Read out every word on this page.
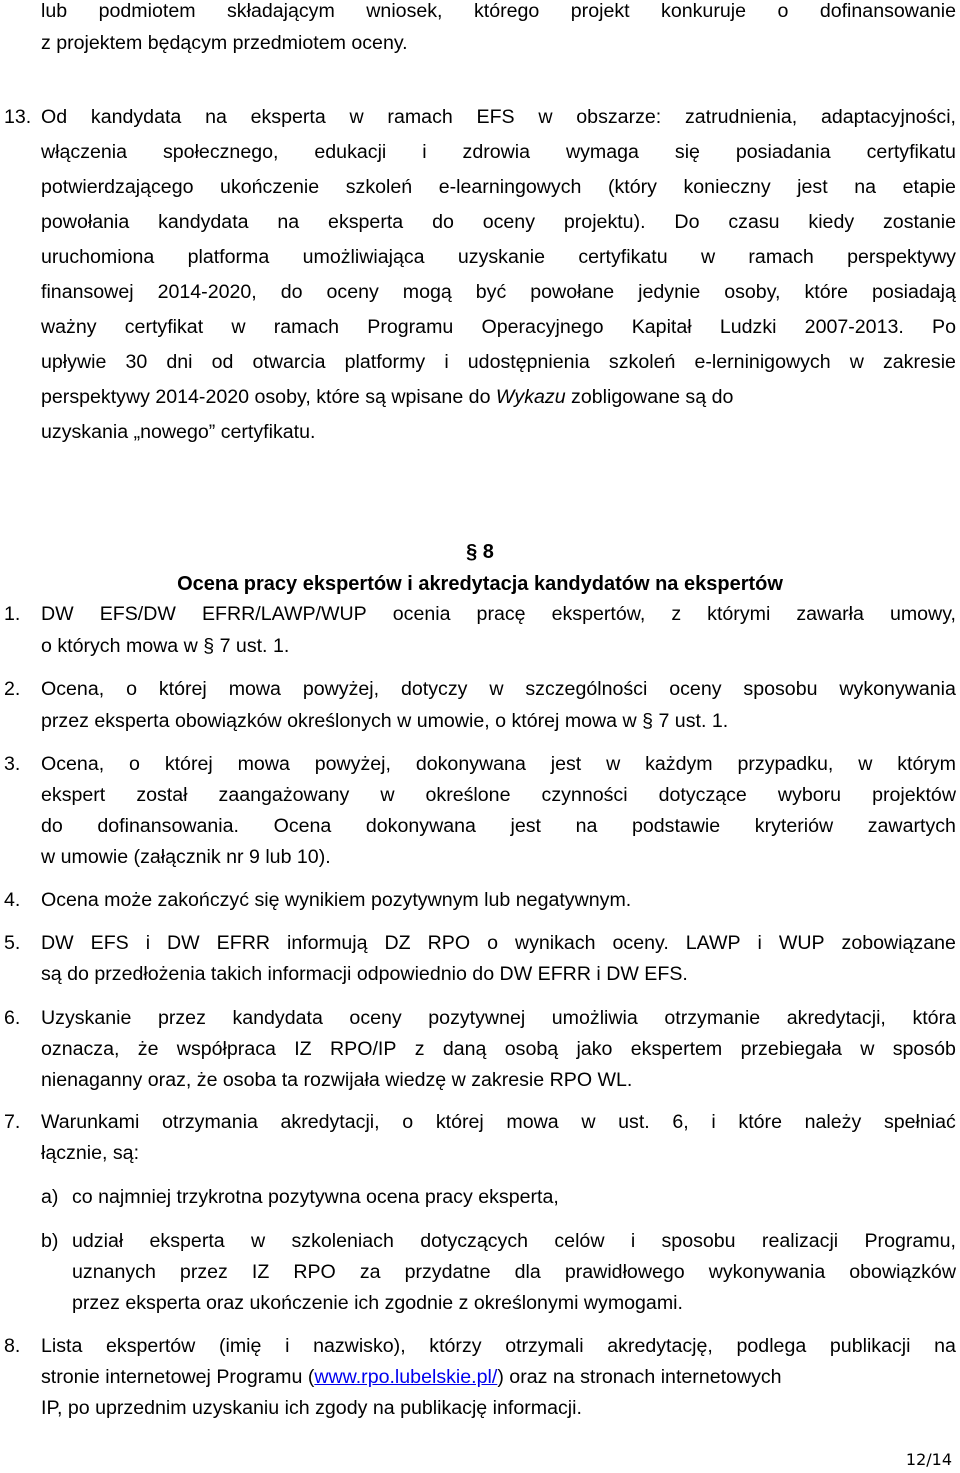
lub podmiotem składającym wniosek, którego projekt konkuruje o dofinansowanie
z projektem będącym przedmiotem oceny.
13. Od kandydata na eksperta w ramach EFS w obszarze: zatrudnienia, adaptacyjności,
włączenia społecznego, edukacji i zdrowia wymaga się posiadania certyfikatu
potwierdzającego ukończenie szkoleń e-learningowych (który konieczny jest na etapie
powołania kandydata na eksperta do oceny projektu). Do czasu kiedy zostanie
uruchomiona platforma umożliwiająca uzyskanie certyfikatu w ramach perspektywy
finansowej 2014-2020, do oceny mogą być powołane jedynie osoby, które posiadają
ważny certyfikat w ramach Programu Operacyjnego Kapitał Ludzki 2007-2013. Po
upływie 30 dni od otwarcia platformy i udostępnienia szkoleń e-lerninigowych w zakresie
perspektywy 2014-2020 osoby, które są wpisane do Wykazu zobligowane są do
uzyskania „nowego” certyfikatu.
§ 8
Ocena pracy ekspertów i akredytacja kandydatów na ekspertów
1. DW EFS/DW EFRR/LAWP/WUP ocenia pracę ekspertów, z którymi zawarła umowy,
o których mowa w § 7 ust. 1.
2. Ocena, o której mowa powyżej, dotyczy w szczególności oceny sposobu wykonywania
przez eksperta obowiązków określonych w umowie, o której mowa w § 7 ust. 1.
3. Ocena, o której mowa powyżej, dokonywana jest w każdym przypadku, w którym
ekspert został zaangażowany w określone czynności dotyczące wyboru projektów
do dofinansowania. Ocena dokonywana jest na podstawie kryteriów zawartych
w umowie (załącznik nr 9 lub 10).
4. Ocena może zakończyć się wynikiem pozytywnym lub negatywnym.
5. DW EFS i DW EFRR informują DZ RPO o wynikach oceny. LAWP i WUP zobowiązane
są do przedłożenia takich informacji odpowiednio do DW EFRR i DW EFS.
6. Uzyskanie przez kandydata oceny pozytywnej umożliwia otrzymanie akredytacji, która
oznacza, że współpraca IZ RPO/IP z daną osobą jako ekspertem przebiegała w sposób
nienaganny oraz, że osoba ta rozwijała wiedzę w zakresie RPO WL.
7. Warunkami otrzymania akredytacji, o której mowa w ust. 6, i które należy spełniać
łącznie, są:
a) co najmniej trzykrotna pozytywna ocena pracy eksperta,
b) udział eksperta w szkoleniach dotyczących celów i sposobu realizacji Programu,
uznanych przez IZ RPO za przydatne dla prawidłowego wykonywania obowiązków
przez eksperta oraz ukończenie ich zgodnie z określonymi wymogami.
8. Lista ekspertów (imię i nazwisko), którzy otrzymali akredytację, podlega publikacji na
stronie internetowej Programu (www.rpo.lubelskie.pl/) oraz na stronach internetowych
IP, po uprzednim uzyskaniu ich zgody na publikację informacji.
12/14
